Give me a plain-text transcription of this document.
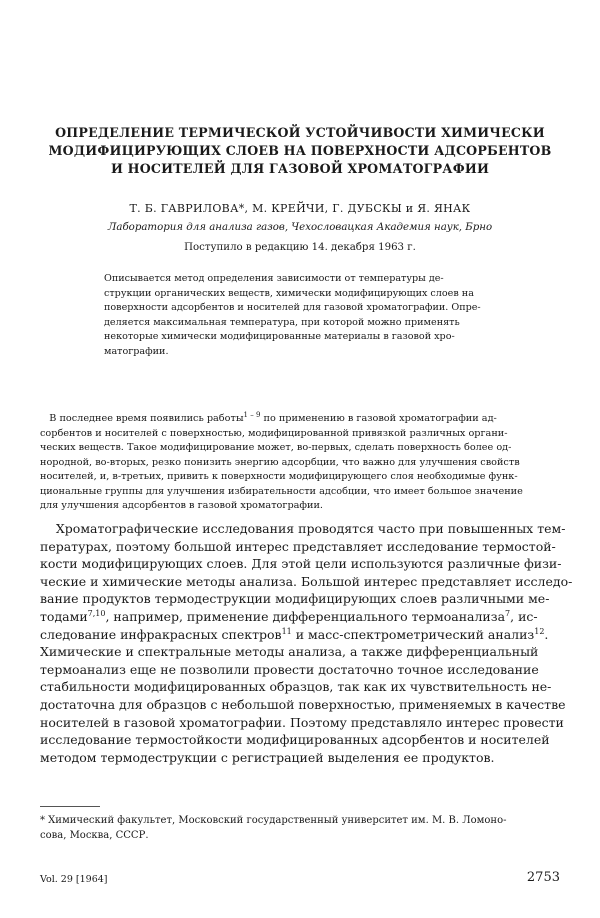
ОПРЕДЕЛЕНИЕ ТЕРМИЧЕСКОЙ УСТОЙЧИВОСТИ ХИМИЧЕСКИ
МОДИФИЦИРУЮЩИХ СЛОЕВ НА ПОВЕРХНОСТИ АДСОРБЕНТОВ
И НОСИТЕЛЕЙ ДЛЯ ГАЗОВОЙ ХРОМАТОГРАФИИ
Т. Б. ГАВРИЛОВА*, М. КРЕЙЧИ, Г. ДУБСКЫ и Я. ЯНАК
Лаборатория для анализа газов, Чехословацкая Академия наук, Брно
Поступило в редакцию 14. декабря 1963 г.
Описывается метод определения зависимости от температуры де-
струкции органических веществ, химически модифицирующих слоев на
поверхности адсорбентов и носителей для газовой хроматографии. Опре-
деляется максимальная температура, при которой можно применять
некоторые химически модифицированные материалы в газовой хро-
матографии.
В последнее время появились работы$^{1 - 9}$ по применению в газовой хроматографии ад-
сорбентов и носителей с поверхностью, модифицированной привязкой различных органи-
ческих веществ. Такое модифицирование может, во-первых, сделать поверхность более од-
нородной, во-вторых, резко понизить энергию адсорбции, что важно для улучшения свойств
носителей, и, в-третьих, привить к поверхности модифицирующего слоя необходимые функ-
циональные группы для улучшения избирательности адсобции, что имеет большое значение
для улучшения адсорбентов в газовой хроматографии.
Хроматографические исследования проводятся часто при повышенных тем-
пературах, поэтому большой интерес представляет исследование термостой-
кости модифицирующих слоев. Для этой цели используются различные физи-
ческие и химические методы анализа. Большой интерес представляет исследо-
вание продуктов термодеструкции модифицирующих слоев различными ме-
тодами$^{7,10}$, например, применение дифференциального термоанализа$^7$, ис-
следование инфракрасных спектров$^{11}$ и масс-спектрометрический анализ$^{12}$.
Химические и спектральные методы анализа, а также дифференциальный
термоанализ еще не позволили провести достаточно точное исследование
стабильности модифицированных образцов, так как их чувствительность не-
достаточна для образцов с небольшой поверхностью, применяемых в качестве
носителей в газовой хроматографии. Поэтому представляло интерес провести
исследование термостойкости модифицированных адсорбентов и носителей
методом термодеструкции с регистрацией выделения ее продуктов.
* Химический факультет, Московский государственный университет им. М. В. Ломоно-
сова, Москва, СССР.
Vol. 29 [1964]	2753
